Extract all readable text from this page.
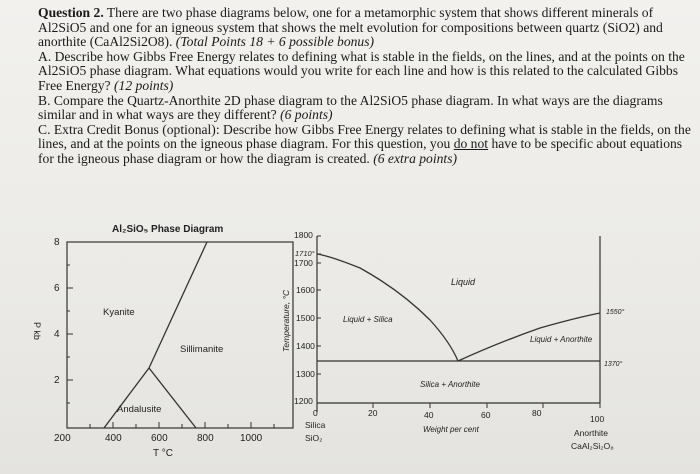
Question 2. There are two phase diagrams below, one for a metamorphic system that shows different minerals of Al2SiO5 and one for an igneous system that shows the melt evolution for compositions between quartz (SiO2) and anorthite (CaAl2Si2O8). (Total Points 18 + 6 possible bonus)

A. Describe how Gibbs Free Energy relates to defining what is stable in the fields, on the lines, and at the points on the Al2SiO5 phase diagram. What equations would you write for each line and how is this related to the calculated Gibbs Free Energy? (12 points)

B. Compare the Quartz-Anorthite 2D phase diagram to the Al2SiO5 phase diagram. In what ways are the diagrams similar and in what ways are they different? (6 points)

C. Extra Credit Bonus (optional): Describe how Gibbs Free Energy relates to defining what is stable in the fields, on the lines, and at the points on the igneous phase diagram. For this question, you do not have to be specific about equations for the igneous phase diagram or how the diagram is created. (6 extra points)

Al₂SiO₅ Phase Diagram
8
6
4
2
P kb
200	400	600	800	1000
T °C
Kyanite
Sillimanite
Andalusite
1800
1710°
1700
1600
1500
1400
1300
1200
Temperature, °C
0	20	40	60	80
100
Weight per cent
Silica
SiO₂	Anorthite
CaAl₂Si₂O₈
Liquid
Liquid + Silica
Liquid + Anorthite
Silica + Anorthite
1550°
1370°
